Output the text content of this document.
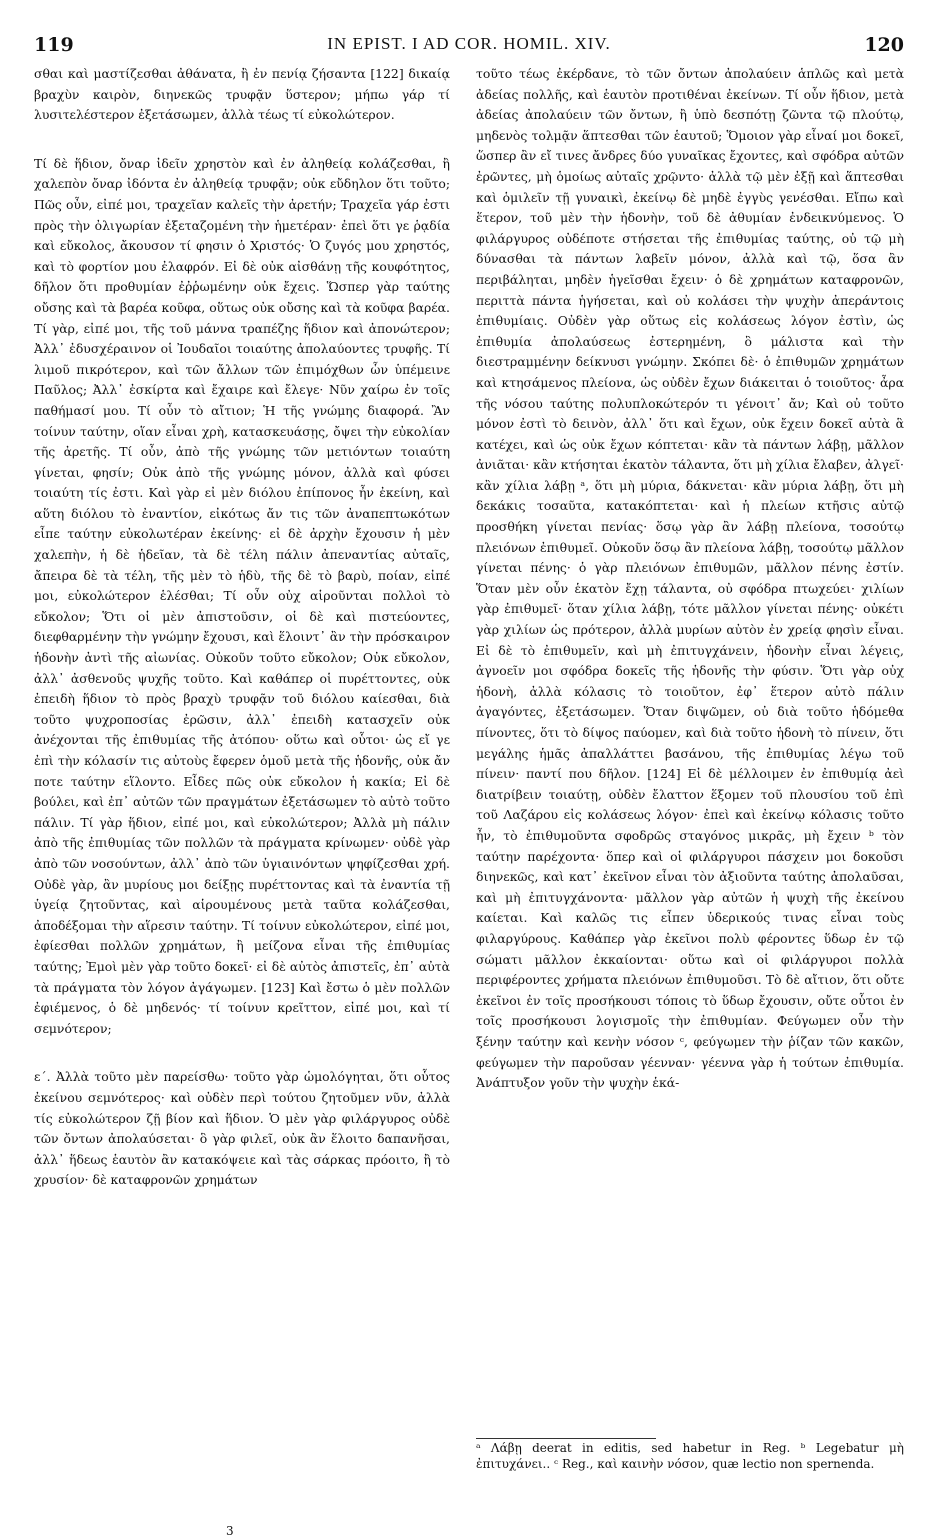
119	IN EPIST. I AD COR. HOMIL. XIV.	120

σθαι καὶ μαστίζεσθαι ἀθάνατα, ἢ ἐν πενίᾳ ζήσαντα [122] δικαίᾳ βραχὺν καιρὸν, διηνεκῶς τρυφᾷν ὕστερον; μήπω γάρ τί λυσιτελέστερον ἐξετάσωμεν, ἀλλὰ τέως τί εὐκολώτερον.

Τί δὲ ἥδιον, ὄναρ ἰδεῖν χρηστὸν καὶ ἐν ἀληθείᾳ κολάζεσθαι, ἢ χαλεπὸν ὄναρ ἰδόντα ἐν ἀληθείᾳ τρυφᾷν; οὐκ εὔδηλον ὅτι τοῦτο; Πῶς οὖν, εἰπέ μοι, τραχεῖαν καλεῖς τὴν ἀρετήν; Τραχεῖα γάρ ἐστι πρὸς τὴν ὀλιγωρίαν ἐξεταζομένη τὴν ἡμετέραν· ἐπεὶ ὅτι γε ῥᾳδία καὶ εὔκολος, ἄκουσον τί φησιν ὁ Χριστός· Ὁ ζυγός μου χρηστός, καὶ τὸ φορτίον μου ἐλαφρόν. Εἰ δὲ οὐκ αἰσθάνῃ τῆς κουφότητος, δῆλον ὅτι προθυμίαν ἐῤῥωμένην οὐκ ἔχεις. Ὥσπερ γὰρ ταύτης οὔσης καὶ τὰ βαρέα κοῦφα, οὕτως οὐκ οὔσης καὶ τὰ κοῦφα βαρέα. Τί γὰρ, εἰπέ μοι, τῆς τοῦ μάννα τραπέζης ἥδιον καὶ ἀπονώτερον; Ἀλλ᾽ ἐδυσχέραινον οἱ Ἰουδαῖοι τοιαύτης ἀπολαύοντες τρυφῆς. Τί λιμοῦ πικρότερον, καὶ τῶν ἄλλων τῶν ἐπιμόχθων ὧν ὑπέμεινε Παῦλος; Ἀλλ᾽ ἐσκίρτα καὶ ἔχαιρε καὶ ἔλεγε· Νῦν χαίρω ἐν τοῖς παθήμασί μου. Τί οὖν τὸ αἴτιον; Ἡ τῆς γνώμης διαφορά. Ἂν τοίνυν ταύτην, οἵαν εἶναι χρὴ, κατασκευάσῃς, ὄψει τὴν εὐκολίαν τῆς ἀρετῆς. Τί οὖν, ἀπὸ τῆς γνώμης τῶν μετιόντων τοιαύτη γίνεται, φησίν; Οὐκ ἀπὸ τῆς γνώμης μόνον, ἀλλὰ καὶ φύσει τοιαύτη τίς ἐστι. Καὶ γὰρ εἰ μὲν διόλου ἐπίπονος ἦν ἐκείνη, καὶ αὕτη διόλου τὸ ἐναντίον, εἰκότως ἄν τις τῶν ἀναπεπτωκότων εἶπε ταύτην εὐκολωτέραν ἐκείνης· εἰ δὲ ἀρχὴν ἔχουσιν ἡ μὲν χαλεπὴν, ἡ δὲ ἡδεῖαν, τὰ δὲ τέλη πάλιν ἀπεναντίας αὐταῖς, ἄπειρα δὲ τὰ τέλη, τῆς μὲν τὸ ἡδὺ, τῆς δὲ τὸ βαρὺ, ποίαν, εἰπέ μοι, εὐκολώτερον ἑλέσθαι; Τί οὖν οὐχ αἱροῦνται πολλοὶ τὸ εὔκολον; Ὅτι οἱ μὲν ἀπιστοῦσιν, οἱ δὲ καὶ πιστεύοντες, διεφθαρμένην τὴν γνώμην ἔχουσι, καὶ ἕλοιντ᾽ ἂν τὴν πρόσκαιρον ἡδονὴν ἀντὶ τῆς αἰωνίας. Οὐκοῦν τοῦτο εὔκολον; Οὐκ εὔκολον, ἀλλ᾽ ἀσθενοῦς ψυχῆς τοῦτο. Καὶ καθάπερ οἱ πυρέττοντες, οὐκ ἐπειδὴ ἥδιον τὸ πρὸς βραχὺ τρυφᾷν τοῦ διόλου καίεσθαι, διὰ τοῦτο ψυχροποσίας ἐρῶσιν, ἀλλ᾽ ἐπειδὴ κατασχεῖν οὐκ ἀνέχονται τῆς ἐπιθυμίας τῆς ἀτόπου· οὕτω καὶ οὗτοι· ὡς εἴ γε ἐπὶ τὴν κόλασίν τις αὐτοὺς ἔφερεν ὁμοῦ μετὰ τῆς ἡδονῆς, οὐκ ἄν ποτε ταύτην εἵλοντο. Εἶδες πῶς οὐκ εὔκολον ἡ κακία; Εἰ δὲ βούλει, καὶ ἐπ᾽ αὐτῶν τῶν πραγμάτων ἐξετάσωμεν τὸ αὐτὸ τοῦτο πάλιν. Τί γὰρ ἥδιον, εἰπέ μοι, καὶ εὐκολώτερον; Ἀλλὰ μὴ πάλιν ἀπὸ τῆς ἐπιθυμίας τῶν πολλῶν τὰ πράγματα κρίνωμεν· οὐδὲ γὰρ ἀπὸ τῶν νοσούντων, ἀλλ᾽ ἀπὸ τῶν ὑγιαινόντων ψηφίζεσθαι χρή. Οὐδὲ γὰρ, ἂν μυρίους μοι δείξῃς πυρέττοντας καὶ τὰ ἐναντία τῇ ὑγείᾳ ζητοῦντας, καὶ αἱρουμένους μετὰ ταῦτα κολάζεσθαι, ἀποδέξομαι τὴν αἵρεσιν ταύτην. Τί τοίνυν εὐκολώτερον, εἰπέ μοι, ἐφίεσθαι πολλῶν χρημάτων, ἢ μείζονα εἶναι τῆς ἐπιθυμίας ταύτης; Ἐμοὶ μὲν γὰρ τοῦτο δοκεῖ· εἰ δὲ αὐτὸς ἀπιστεῖς, ἐπ᾽ αὐτὰ τὰ πράγματα τὸν λόγον ἀγάγωμεν. [123] Καὶ ἔστω ὁ μὲν πολλῶν ἐφιέμενος, ὁ δὲ μηδενός· τί τοίνυν κρεῖττον, εἰπέ μοι, καὶ τί σεμνότερον;

ε΄. Ἀλλὰ τοῦτο μὲν παρείσθω· τοῦτο γὰρ ὡμολόγηται, ὅτι οὗτος ἐκείνου σεμνότερος· καὶ οὐδὲν περὶ τούτου ζητοῦμεν νῦν, ἀλλὰ τίς εὐκολώτερον ζῇ βίον καὶ ἥδιον. Ὁ μὲν γὰρ φιλάργυρος οὐδὲ τῶν ὄντων ἀπολαύσεται· ὃ γὰρ φιλεῖ, οὐκ ἂν ἕλοιτο δαπανῆσαι, ἀλλ᾽ ἥδεως ἑαυτὸν ἂν κατακόψειε καὶ τὰς σάρκας πρόοιτο, ἢ τὸ χρυσίον· δὲ καταφρονῶν χρημάτων

τοῦτο τέως ἐκέρδανε, τὸ τῶν ὄντων ἀπολαύειν ἁπλῶς καὶ μετὰ ἀδείας πολλῆς, καὶ ἑαυτὸν προτιθέναι ἐκείνων. Τί οὖν ἥδιον, μετὰ ἀδείας ἀπολαύειν τῶν ὄντων, ἢ ὑπὸ δεσπότῃ ζῶντα τῷ πλούτῳ, μηδενὸς τολμᾷν ἅπτεσθαι τῶν ἑαυτοῦ; Ὅμοιον γὰρ εἶναί μοι δοκεῖ, ὥσπερ ἂν εἴ τινες ἄνδρες δύο γυναῖκας ἔχοντες, καὶ σφόδρα αὐτῶν ἐρῶντες, μὴ ὁμοίως αὐταῖς χρῷντο· ἀλλὰ τῷ μὲν ἐξῇ καὶ ἅπτεσθαι καὶ ὁμιλεῖν τῇ γυναικὶ, ἐκείνῳ δὲ μηδὲ ἐγγὺς γενέσθαι. Εἴπω καὶ ἕτερον, τοῦ μὲν τὴν ἡδονὴν, τοῦ δὲ ἀθυμίαν ἐνδεικνύμενος. Ὁ φιλάργυρος οὐδέποτε στήσεται τῆς ἐπιθυμίας ταύτης, οὐ τῷ μὴ δύνασθαι τὰ πάντων λαβεῖν μόνον, ἀλλὰ καὶ τῷ, ὅσα ἂν περιβάληται, μηδὲν ἡγεῖσθαι ἔχειν· ὁ δὲ χρημάτων καταφρονῶν, περιττὰ πάντα ἡγήσεται, καὶ οὐ κολάσει τὴν ψυχὴν ἀπεράντοις ἐπιθυμίαις. Οὐδὲν γὰρ οὕτως εἰς κολάσεως λόγον ἐστὶν, ὡς ἐπιθυμία ἀπολαύσεως ἐστερημένη, ὃ μάλιστα καὶ τὴν διεστραμμένην δείκνυσι γνώμην. Σκόπει δὲ· ὁ ἐπιθυμῶν χρημάτων καὶ κτησάμενος πλείονα, ὡς οὐδὲν ἔχων διάκειται ὁ τοιοῦτος· ἆρα τῆς νόσου ταύτης πολυπλοκώτερόν τι γένοιτ᾽ ἄν; Καὶ οὐ τοῦτο μόνον ἐστὶ τὸ δεινὸν, ἀλλ᾽ ὅτι καὶ ἔχων, οὐκ ἔχειν δοκεῖ αὐτὰ ἃ κατέχει, καὶ ὡς οὐκ ἔχων κόπτεται· κἂν τὰ πάντων λάβῃ, μᾶλλον ἀνιᾶται· κἂν κτήσηται ἑκατὸν τάλαντα, ὅτι μὴ χίλια ἔλαβεν, ἀλγεῖ· κἂν χίλια λάβῃ ᵃ, ὅτι μὴ μύρια, δάκνεται· κἂν μύρια λάβῃ, ὅτι μὴ δεκάκις τοσαῦτα, κατακόπτεται· καὶ ἡ πλείων κτῆσις αὐτῷ προσθήκη γίνεται πενίας· ὅσῳ γὰρ ἂν λάβῃ πλείονα, τοσούτῳ πλειόνων ἐπιθυμεῖ. Οὐκοῦν ὅσῳ ἂν πλείονα λάβῃ, τοσούτῳ μᾶλλον γίνεται πένης· ὁ γὰρ πλειόνων ἐπιθυμῶν, μᾶλλον πένης ἐστίν. Ὅταν μὲν οὖν ἑκατὸν ἔχῃ τάλαντα, οὐ σφόδρα πτωχεύει· χιλίων γὰρ ἐπιθυμεῖ· ὅταν χίλια λάβῃ, τότε μᾶλλον γίνεται πένης· οὐκέτι γὰρ χιλίων ὡς πρότερον, ἀλλὰ μυρίων αὐτὸν ἐν χρείᾳ φησὶν εἶναι. Εἰ δὲ τὸ ἐπιθυμεῖν, καὶ μὴ ἐπιτυγχάνειν, ἡδονὴν εἶναι λέγεις, ἀγνοεῖν μοι σφόδρα δοκεῖς τῆς ἡδονῆς τὴν φύσιν. Ὅτι γὰρ οὐχ ἡδονὴ, ἀλλὰ κόλασις τὸ τοιοῦτον, ἐφ᾽ ἕτερον αὐτὸ πάλιν ἀγαγόντες, ἐξετάσωμεν. Ὅταν διψῶμεν, οὐ διὰ τοῦτο ἡδόμεθα πίνοντες, ὅτι τὸ δίψος παύομεν, καὶ διὰ τοῦτο ἡδονὴ τὸ πίνειν, ὅτι μεγάλης ἡμᾶς ἀπαλλάττει βασάνου, τῆς ἐπιθυμίας λέγω τοῦ πίνειν· παντί που δῆλον. [124] Εἰ δὲ μέλλοιμεν ἐν ἐπιθυμίᾳ ἀεὶ διατρίβειν τοιαύτῃ, οὐδὲν ἔλαττον ἕξομεν τοῦ πλουσίου τοῦ ἐπὶ τοῦ Λαζάρου εἰς κολάσεως λόγον· ἐπεὶ καὶ ἐκείνῳ κόλασις τοῦτο ἦν, τὸ ἐπιθυμοῦντα σφοδρῶς σταγόνος μικρᾶς, μὴ ἔχειν ᵇ τὸν ταύτην παρέχοντα· ὅπερ καὶ οἱ φιλάργυροι πάσχειν μοι δοκοῦσι διηνεκῶς, καὶ κατ᾽ ἐκεῖνον εἶναι τὸν ἀξιοῦντα ταύτης ἀπολαῦσαι, καὶ μὴ ἐπιτυγχάνοντα· μᾶλλον γὰρ αὐτῶν ἡ ψυχὴ τῆς ἐκείνου καίεται. Καὶ καλῶς τις εἶπεν ὑδερικούς τινας εἶναι τοὺς φιλαργύρους. Καθάπερ γὰρ ἐκεῖνοι πολὺ φέροντες ὕδωρ ἐν τῷ σώματι μᾶλλον ἐκκαίονται· οὕτω καὶ οἱ φιλάργυροι πολλὰ περιφέροντες χρήματα πλειόνων ἐπιθυμοῦσι. Τὸ δὲ αἴτιον, ὅτι οὔτε ἐκεῖνοι ἐν τοῖς προσήκουσι τόποις τὸ ὕδωρ ἔχουσιν, οὔτε οὗτοι ἐν τοῖς προσήκουσι λογισμοῖς τὴν ἐπιθυμίαν. Φεύγωμεν οὖν τὴν ξένην ταύτην καὶ κενὴν νόσον ᶜ, φεύγωμεν τὴν ῥίζαν τῶν κακῶν, φεύγωμεν τὴν παροῦσαν γέενναν· γέεννα γὰρ ἡ τούτων ἐπιθυμία. Ἀνάπτυξον γοῦν τὴν ψυχὴν ἑκά-

ᵃ Λάβῃ deerat in editis, sed habetur in Reg. ᵇ Legebatur μὴ ἐπιτυχάνει.. ᶜ Reg., καὶ καινὴν νόσον, quæ lectio non spernenda.

3
